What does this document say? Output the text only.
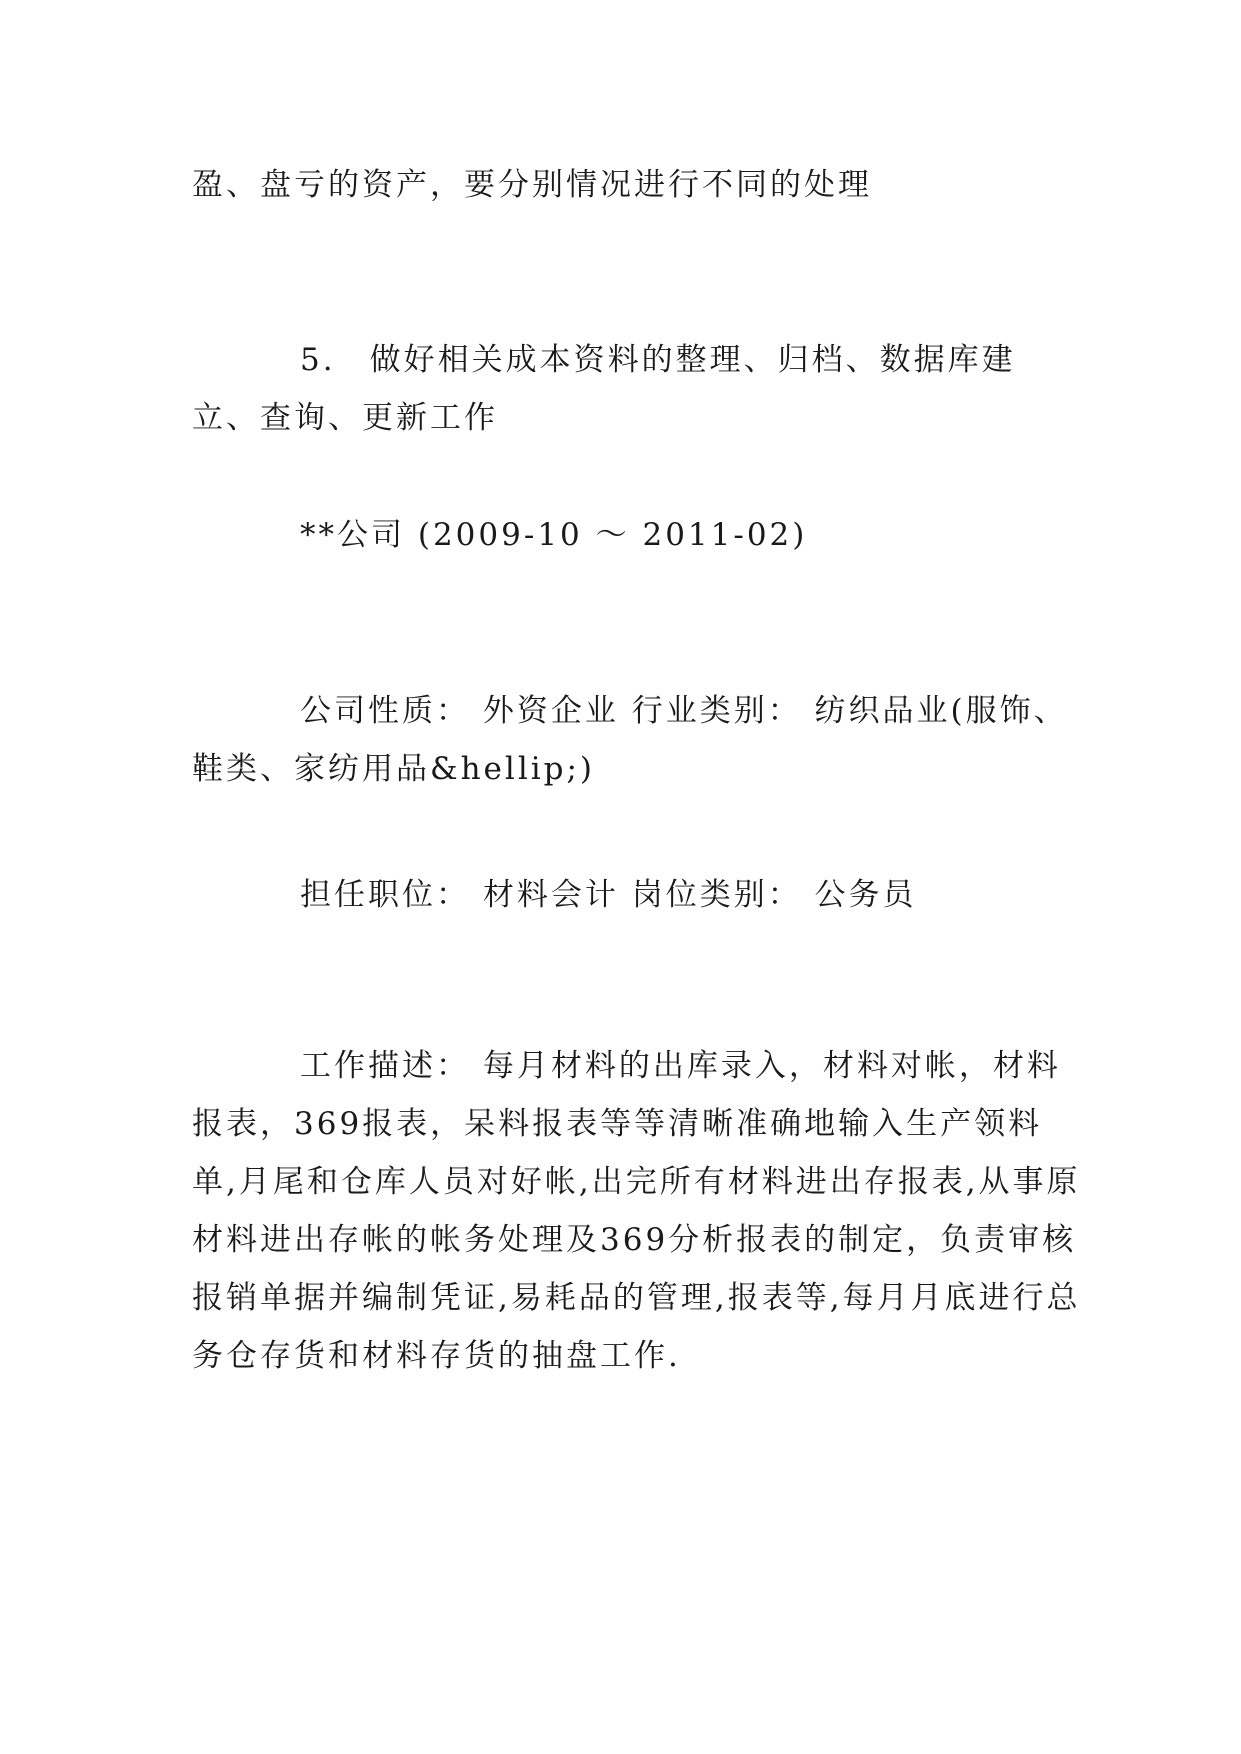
盈、盘亏的资产，要分别情况进行不同的处理

5.　做好相关成本资料的整理、归档、数据库建立、查询、更新工作

**公司 (2009-10 ～ 2011-02)

公司性质： 外资企业 行业类别： 纺织品业(服饰、鞋类、家纺用品&hellip;)

担任职位： 材料会计 岗位类别： 公务员

工作描述： 每月材料的出库录入，材料对帐，材料报表，369报表，呆料报表等等清晰准确地输入生产领料单,月尾和仓库人员对好帐,出完所有材料进出存报表,从事原材料进出存帐的帐务处理及369分析报表的制定，负责审核报销单据并编制凭证,易耗品的管理,报表等,每月月底进行总务仓存货和材料存货的抽盘工作.
